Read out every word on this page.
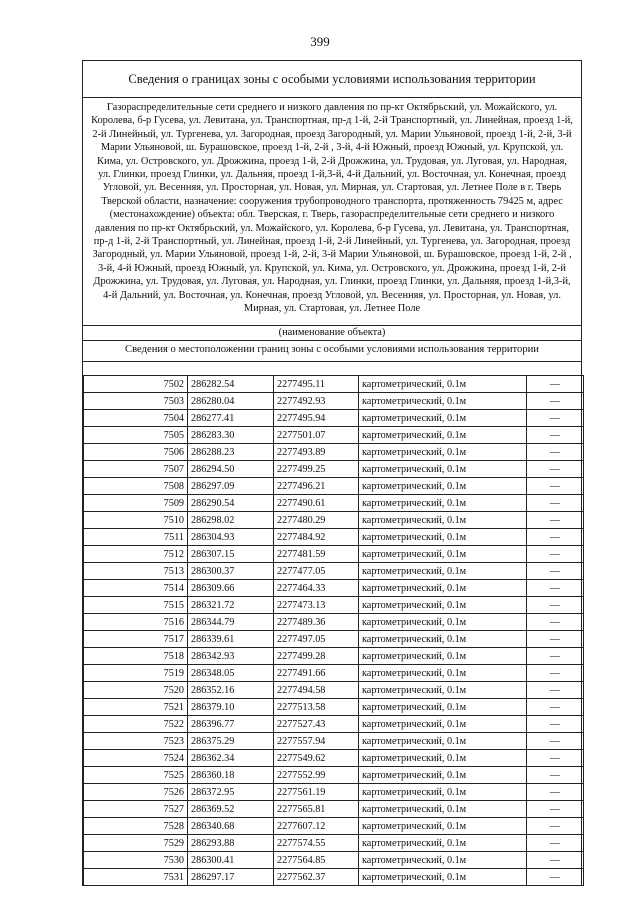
399
Сведения о границах зоны с особыми условиями использования территории
Газораспределительные сети среднего и низкого давления по пр-кт Октябрьский, ул. Можайского, ул. Королева, б-р Гусева, ул. Левитана, ул. Транспортная, пр-д 1-й, 2-й Транспортный, ул. Линейная, проезд 1-й, 2-й Линейный, ул. Тургенева, ул. Загородная, проезд Загородный, ул. Марии Ульяновой, проезд 1-й, 2-й, 3-й Марии Ульяновой, ш. Бурашовское, проезд 1-й, 2-й , 3-й, 4-й Южный, проезд Южный, ул. Крупской, ул. Кима, ул. Островского, ул. Дрожжина, проезд 1-й, 2-й Дрожжина, ул. Трудовая, ул. Луговая, ул. Народная, ул. Глинки, проезд Глинки, ул. Дальняя, проезд 1-й,3-й, 4-й Дальний, ул. Восточная, ул. Конечная, проезд Угловой, ул. Весенняя, ул. Просторная, ул. Новая, ул. Мирная, ул. Стартовая, ул. Летнее Поле в г. Тверь Тверской области, назначение: сооружения трубопроводного транспорта, протяженность 79425 м, адрес (местонахождение) объекта: обл. Тверская, г. Тверь, газораспределительные сети среднего и низкого давления по пр-кт Октябрьский, ул. Можайского, ул. Королева, б-р Гусева, ул. Левитана, ул. Транспортная, пр-д 1-й, 2-й Транспортный, ул. Линейная, проезд 1-й, 2-й Линейный, ул. Тургенева, ул. Загородная, проезд Загородный, ул. Марии Ульяновой, проезд 1-й, 2-й, 3-й Марии Ульяновой, ш. Бурашовское, проезд 1-й, 2-й , 3-й, 4-й Южный, проезд Южный, ул. Крупской, ул. Кима, ул. Островского, ул. Дрожжина, проезд 1-й, 2-й Дрожжина, ул. Трудовая, ул. Луговая, ул. Народная, ул. Глинки, проезд Глинки, ул. Дальняя, проезд 1-й,3-й, 4-й Дальний, ул. Восточная, ул. Конечная, проезд Угловой, ул. Весенняя, ул. Просторная, ул. Новая, ул. Мирная, ул. Стартовая, ул. Летнее Поле
(наименование объекта)
Сведения о местоположении границ зоны с особыми условиями использования территории
7502	286282.54	2277495.11	картометрический, 0.1м	—
7503	286280.04	2277492.93	картометрический, 0.1м	—
7504	286277.41	2277495.94	картометрический, 0.1м	—
7505	286283.30	2277501.07	картометрический, 0.1м	—
7506	286288.23	2277493.89	картометрический, 0.1м	—
7507	286294.50	2277499.25	картометрический, 0.1м	—
7508	286297.09	2277496.21	картометрический, 0.1м	—
7509	286290.54	2277490.61	картометрический, 0.1м	—
7510	286298.02	2277480.29	картометрический, 0.1м	—
7511	286304.93	2277484.92	картометрический, 0.1м	—
7512	286307.15	2277481.59	картометрический, 0.1м	—
7513	286300.37	2277477.05	картометрический, 0.1м	—
7514	286309.66	2277464.33	картометрический, 0.1м	—
7515	286321.72	2277473.13	картометрический, 0.1м	—
7516	286344.79	2277489.36	картометрический, 0.1м	—
7517	286339.61	2277497.05	картометрический, 0.1м	—
7518	286342.93	2277499.28	картометрический, 0.1м	—
7519	286348.05	2277491.66	картометрический, 0.1м	—
7520	286352.16	2277494.58	картометрический, 0.1м	—
7521	286379.10	2277513.58	картометрический, 0.1м	—
7522	286396.77	2277527.43	картометрический, 0.1м	—
7523	286375.29	2277557.94	картометрический, 0.1м	—
7524	286362.34	2277549.62	картометрический, 0.1м	—
7525	286360.18	2277552.99	картометрический, 0.1м	—
7526	286372.95	2277561.19	картометрический, 0.1м	—
7527	286369.52	2277565.81	картометрический, 0.1м	—
7528	286340.68	2277607.12	картометрический, 0.1м	—
7529	286293.88	2277574.55	картометрический, 0.1м	—
7530	286300.41	2277564.85	картометрический, 0.1м	—
7531	286297.17	2277562.37	картометрический, 0.1м	—
